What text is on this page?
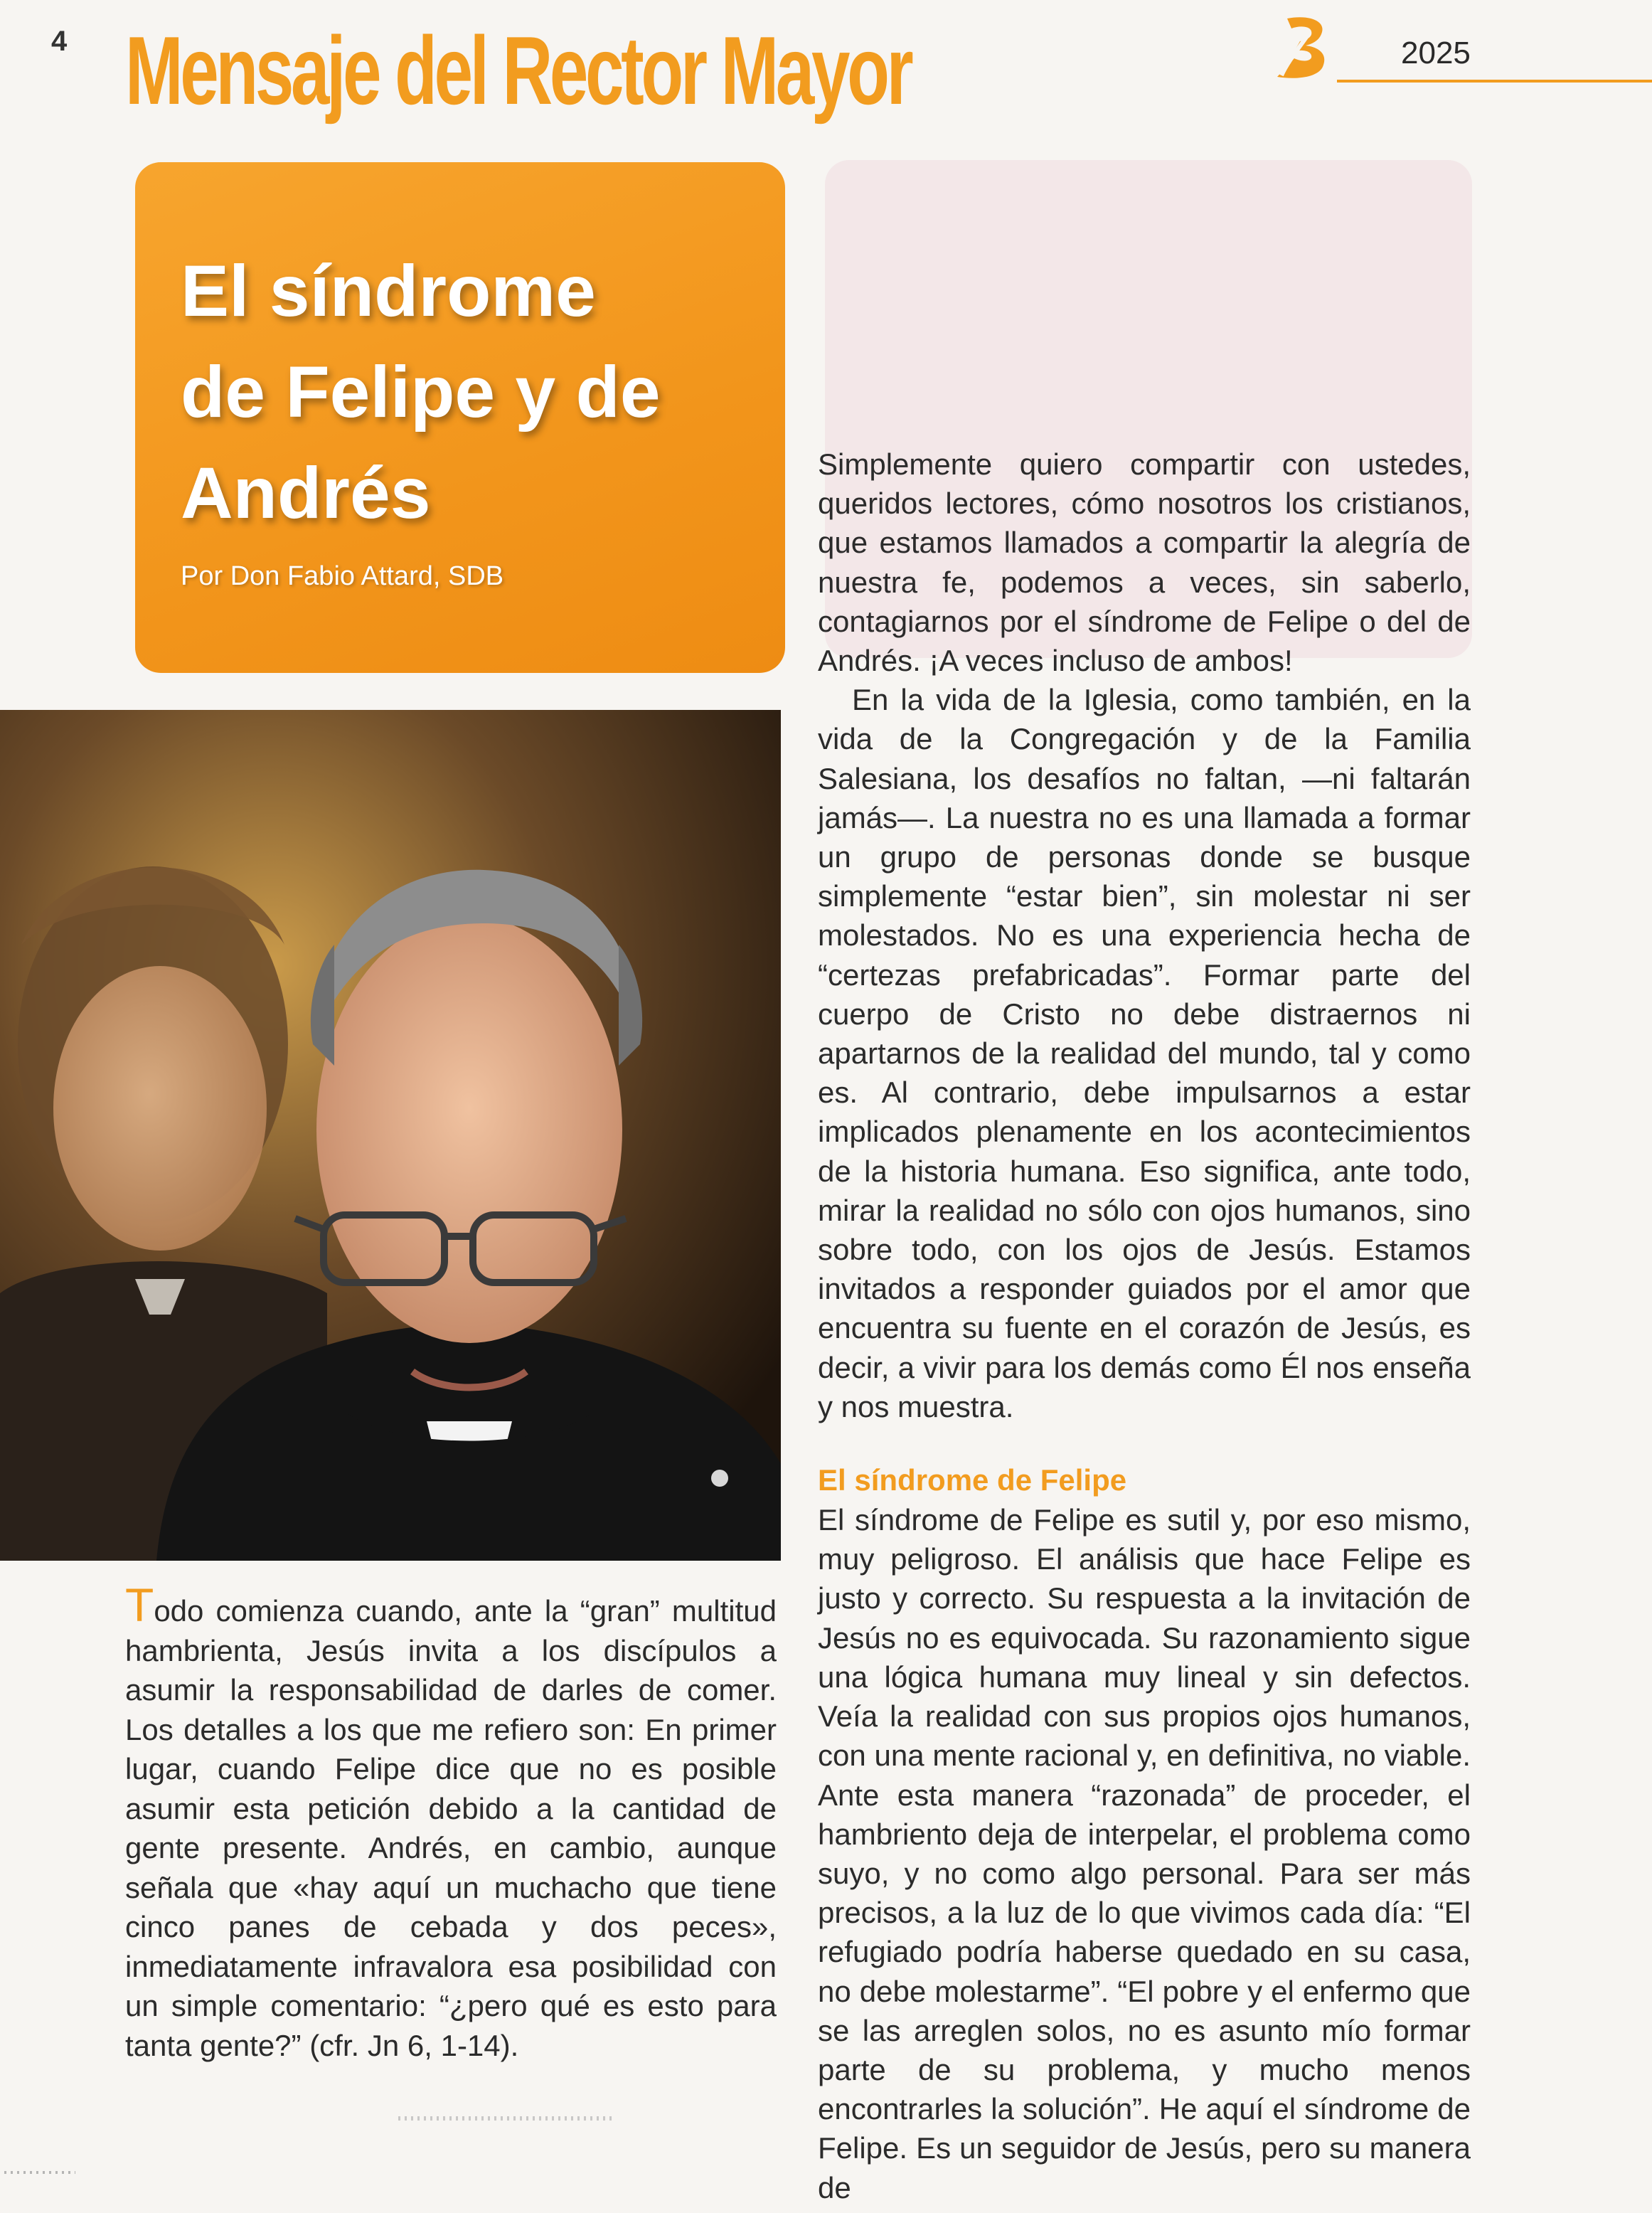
4 Mensaje del Rector Mayor	2025
El síndrome
de Felipe y de
Andrés
Por Don Fabio Attard, SDB

Todo comienza cuando, ante la “gran” multitud hambrienta, Jesús invita a los discípulos a asumir la responsabilidad de darles de comer. Los detalles a los que me refiero son: En primer lugar, cuando Felipe dice que no es posible asumir esta petición debido a la cantidad de gente presente. Andrés, en cambio, aunque señala que «hay aquí un muchacho que tiene cinco panes de cebada y dos peces», inmediatamente infravalora esa posibilidad con un simple comentario: “¿pero qué es esto para tanta gente?” (cfr. Jn 6, 1-14).

Simplemente quiero compartir con ustedes, queridos lectores, cómo nosotros los cristianos, que estamos llamados a compartir la alegría de nuestra fe, podemos a veces, sin saberlo, contagiarnos por el síndrome de Felipe o del de Andrés. ¡A veces incluso de ambos!

En la vida de la Iglesia, como también, en la vida de la Congregación y de la Familia Salesiana, los desafíos no faltan, —ni faltarán jamás—. La nuestra no es una llamada a formar un grupo de personas donde se busque simplemente “estar bien”, sin molestar ni ser molestados. No es una experiencia hecha de “certezas prefabricadas”. Formar parte del cuerpo de Cristo no debe distraernos ni apartarnos de la realidad del mundo, tal y como es. Al contrario, debe impulsarnos a estar implicados plenamente en los acontecimientos de la historia humana. Eso significa, ante todo, mirar la realidad no sólo con ojos humanos, sino sobre todo, con los ojos de Jesús. Estamos invitados a responder guiados por el amor que encuentra su fuente en el corazón de Jesús, es decir, a vivir para los demás como Él nos enseña y nos muestra.

El síndrome de Felipe

El síndrome de Felipe es sutil y, por eso mismo, muy peligroso. El análisis que hace Felipe es justo y correcto. Su respuesta a la invitación de Jesús no es equivocada. Su razonamiento sigue una lógica humana muy lineal y sin defectos. Veía la realidad con sus propios ojos humanos, con una mente racional y, en definitiva, no viable. Ante esta manera “razonada” de proceder, el hambriento deja de interpelar, el problema como suyo, y no como algo personal. Para ser más precisos, a la luz de lo que vivimos cada día: “El refugiado podría haberse quedado en su casa, no debe molestarme”. “El pobre y el enfermo que se las arreglen solos, no es asunto mío formar parte de su problema, y mucho menos encontrarles la solución”. He aquí el síndrome de Felipe. Es un seguidor de Jesús, pero su manera de
